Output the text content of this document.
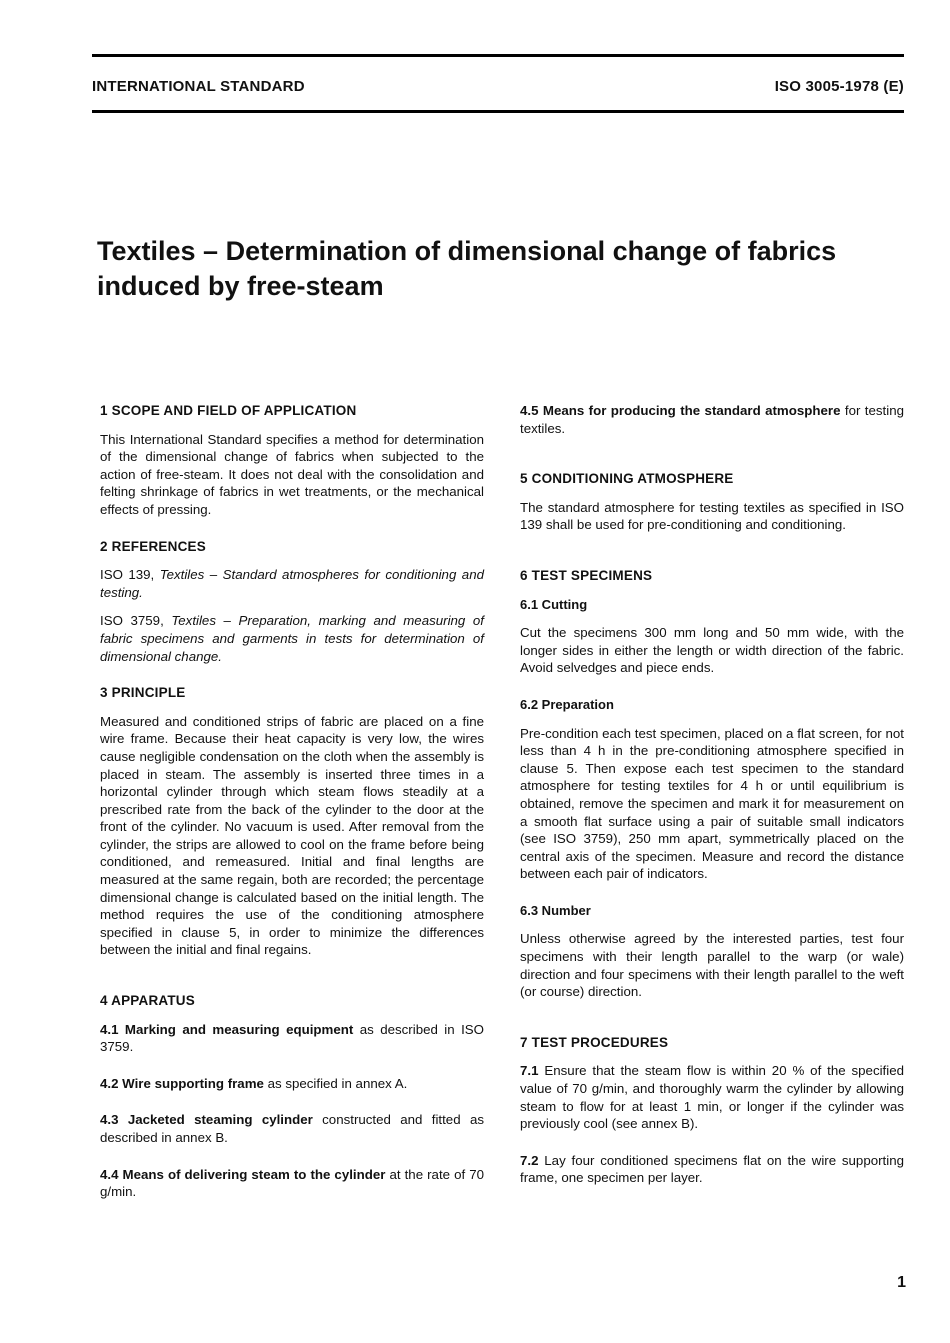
INTERNATIONAL STANDARD	ISO 3005-1978 (E)
Textiles – Determination of dimensional change of fabrics
induced by free-steam
1 SCOPE AND FIELD OF APPLICATION

This International Standard specifies a method for determination of the dimensional change of fabrics when subjected to the action of free-steam. It does not deal with the consolidation and felting shrinkage of fabrics in wet treatments, or the mechanical effects of pressing.

2 REFERENCES

ISO 139, Textiles – Standard atmospheres for conditioning and testing.

ISO 3759, Textiles – Preparation, marking and measuring of fabric specimens and garments in tests for determination of dimensional change.

3 PRINCIPLE

Measured and conditioned strips of fabric are placed on a fine wire frame. Because their heat capacity is very low, the wires cause negligible condensation on the cloth when the assembly is placed in steam. The assembly is inserted three times in a horizontal cylinder through which steam flows steadily at a prescribed rate from the back of the cylinder to the door at the front of the cylinder. No vacuum is used. After removal from the cylinder, the strips are allowed to cool on the frame before being conditioned, and remeasured. Initial and final lengths are measured at the same regain, both are recorded; the percentage dimensional change is calculated based on the initial length. The method requires the use of the conditioning atmosphere specified in clause 5, in order to minimize the differences between the initial and final regains.

4 APPARATUS

4.1 Marking and measuring equipment as described in ISO 3759.

4.2 Wire supporting frame as specified in annex A.

4.3 Jacketed steaming cylinder constructed and fitted as described in annex B.

4.4 Means of delivering steam to the cylinder at the rate of 70 g/min.

4.5 Means for producing the standard atmosphere for testing textiles.

5 CONDITIONING ATMOSPHERE

The standard atmosphere for testing textiles as specified in ISO 139 shall be used for pre-conditioning and conditioning.

6 TEST SPECIMENS
6.1 Cutting

Cut the specimens 300 mm long and 50 mm wide, with the longer sides in either the length or width direction of the fabric. Avoid selvedges and piece ends.

6.2 Preparation

Pre-condition each test specimen, placed on a flat screen, for not less than 4 h in the pre-conditioning atmosphere specified in clause 5. Then expose each test specimen to the standard atmosphere for testing textiles for 4 h or until equilibrium is obtained, remove the specimen and mark it for measurement on a smooth flat surface using a pair of suitable small indicators (see ISO 3759), 250 mm apart, symmetrically placed on the central axis of the specimen. Measure and record the distance between each pair of indicators.

6.3 Number

Unless otherwise agreed by the interested parties, test four specimens with their length parallel to the warp (or wale) direction and four specimens with their length parallel to the weft (or course) direction.

7 TEST PROCEDURES

7.1 Ensure that the steam flow is within 20 % of the specified value of 70 g/min, and thoroughly warm the cylinder by allowing steam to flow for at least 1 min, or longer if the cylinder was previously cool (see annex B).

7.2 Lay four conditioned specimens flat on the wire supporting frame, one specimen per layer.

1
